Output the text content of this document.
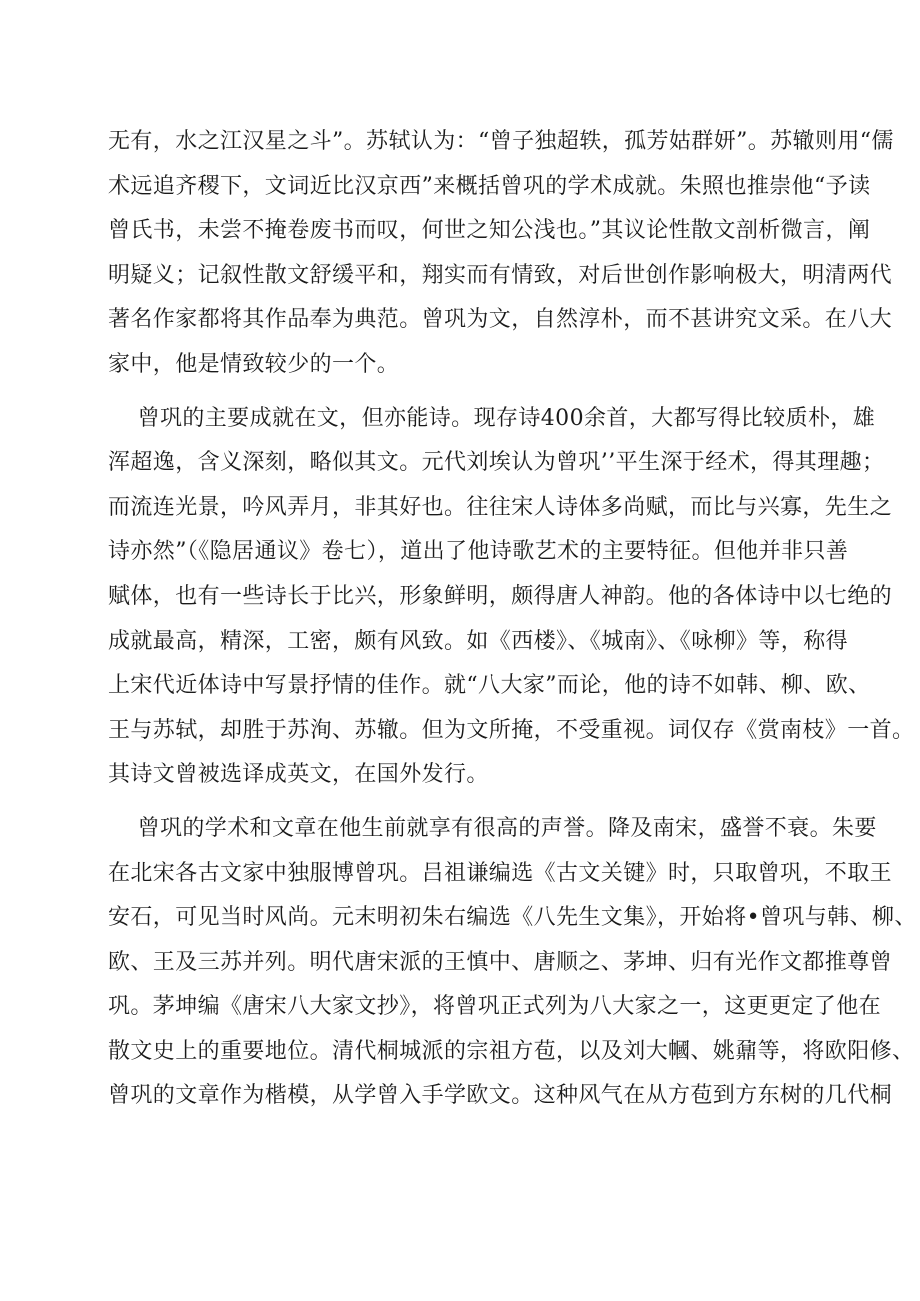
无有，水之江汉星之斗”。苏轼认为：“曾子独超轶，孤芳姑群妍”。苏辙则用“儒
术远追齐稷下，文词近比汉京西”来概括曾巩的学术成就。朱照也推崇他“予读
曾氏书，未尝不掩卷废书而叹，何世之知公浅也。”其议论性散文剖析微言，阐
明疑义；记叙性散文舒缓平和，翔实而有情致，对后世创作影响极大，明清两代
著名作家都将其作品奉为典范。曾巩为文，自然淳朴，而不甚讲究文采。在八大
家中，他是情致较少的一个。
曾巩的主要成就在文，但亦能诗。现存诗400余首，大都写得比较质朴，雄
浑超逸，含义深刻，略似其文。元代刘埃认为曾巩’’平生深于经术，得其理趣；
而流连光景，吟风弄月，非其好也。往往宋人诗体多尚赋，而比与兴寡，先生之
诗亦然”（《隐居通议》卷七），道出了他诗歌艺术的主要特征。但他并非只善
赋体，也有一些诗长于比兴，形象鲜明，颇得唐人神韵。他的各体诗中以七绝的
成就最高，精深，工密，颇有风致。如《西楼》、《城南》、《咏柳》等，称得
上宋代近体诗中写景抒情的佳作。就“八大家”而论，他的诗不如韩、柳、欧、
王与苏轼，却胜于苏洵、苏辙。但为文所掩，不受重视。词仅存《赏南枝》一首。
其诗文曾被选译成英文，在国外发行。
曾巩的学术和文章在他生前就享有很高的声誉。降及南宋，盛誉不衰。朱要
在北宋各古文家中独服博曾巩。吕祖谦编选《古文关键》时，只取曾巩，不取王
安石，可见当时风尚。元末明初朱右编选《八先生文集》，开始将•曾巩与韩、柳、
欧、王及三苏并列。明代唐宋派的王慎中、唐顺之、茅坤、归有光作文都推尊曾
巩。茅坤编《唐宋八大家文抄》，将曾巩正式列为八大家之一，这更更定了他在
散文史上的重要地位。清代桐城派的宗祖方苞，以及刘大幗、姚鼐等，将欧阳修、
曾巩的文章作为楷模，从学曾入手学欧文。这种风气在从方苞到方东树的几代桐
